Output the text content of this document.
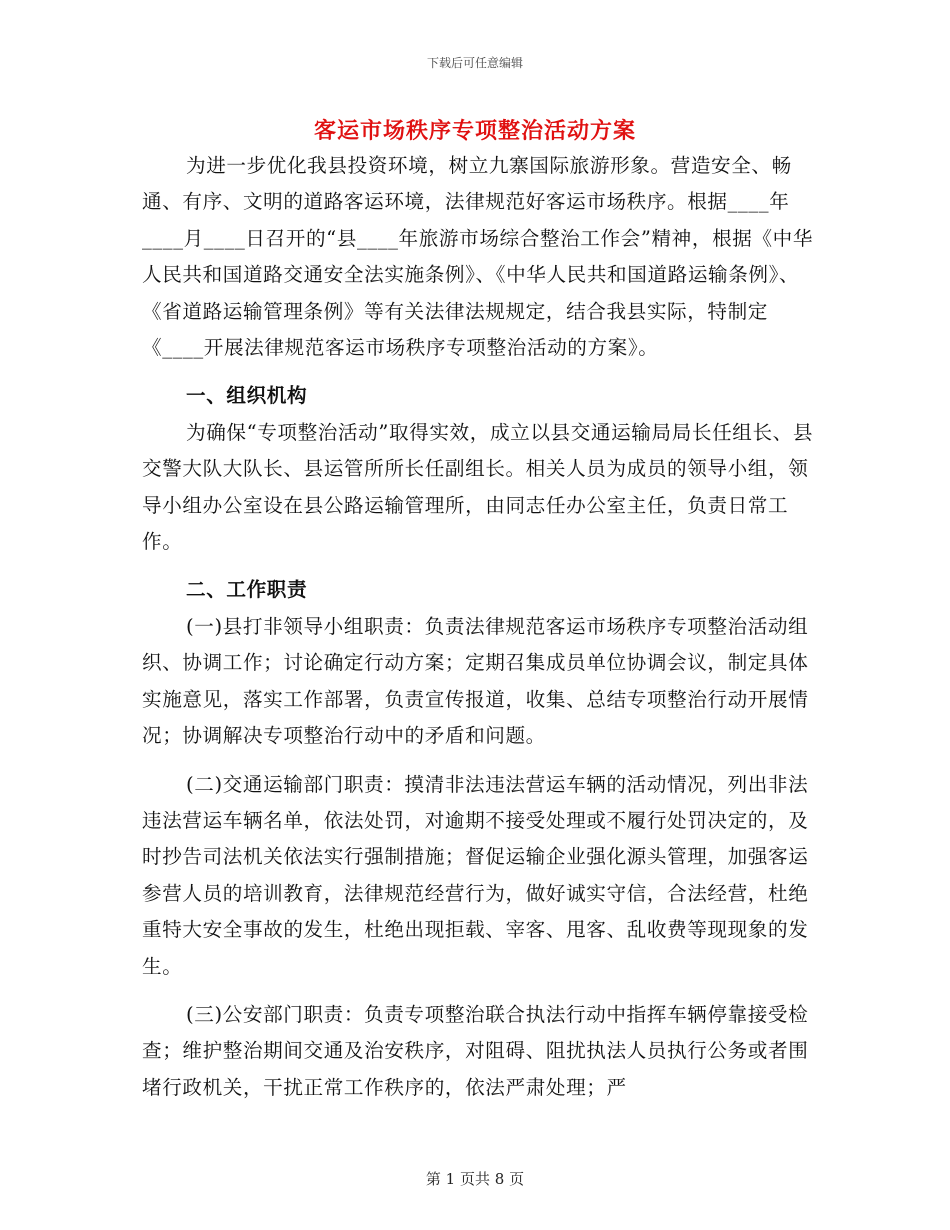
下载后可任意编辑
客运市场秩序专项整治活动方案

为进一步优化我县投资环境，树立九寨国际旅游形象。营造安全、畅通、有序、文明的道路客运环境，法律规范好客运市场秩序。根据____年____月____日召开的“县____年旅游市场综合整治工作会”精神，根据《中华人民共和国道路交通安全法实施条例》、《中华人民共和国道路运输条例》、《省道路运输管理条例》等有关法律法规规定，结合我县实际，特制定《____开展法律规范客运市场秩序专项整治活动的方案》。

一、组织机构

为确保“专项整治活动”取得实效，成立以县交通运输局局长任组长、县交警大队大队长、县运管所所长任副组长。相关人员为成员的领导小组，领导小组办公室设在县公路运输管理所，由同志任办公室主任，负责日常工作。

二、工作职责

(一)县打非领导小组职责：负责法律规范客运市场秩序专项整治活动组织、协调工作；讨论确定行动方案；定期召集成员单位协调会议，制定具体实施意见，落实工作部署，负责宣传报道，收集、总结专项整治行动开展情况；协调解决专项整治行动中的矛盾和问题。

(二)交通运输部门职责：摸清非法违法营运车辆的活动情况，列出非法违法营运车辆名单，依法处罚，对逾期不接受处理或不履行处罚决定的，及时抄告司法机关依法实行强制措施；督促运输企业强化源头管理，加强客运参营人员的培训教育，法律规范经营行为，做好诚实守信，合法经营，杜绝重特大安全事故的发生，杜绝出现拒载、宰客、甩客、乱收费等现现象的发生。

(三)公安部门职责：负责专项整治联合执法行动中指挥车辆停靠接受检查；维护整治期间交通及治安秩序，对阻碍、阻扰执法人员执行公务或者围堵行政机关，干扰正常工作秩序的，依法严肃处理；严

第 1 页共 8 页
